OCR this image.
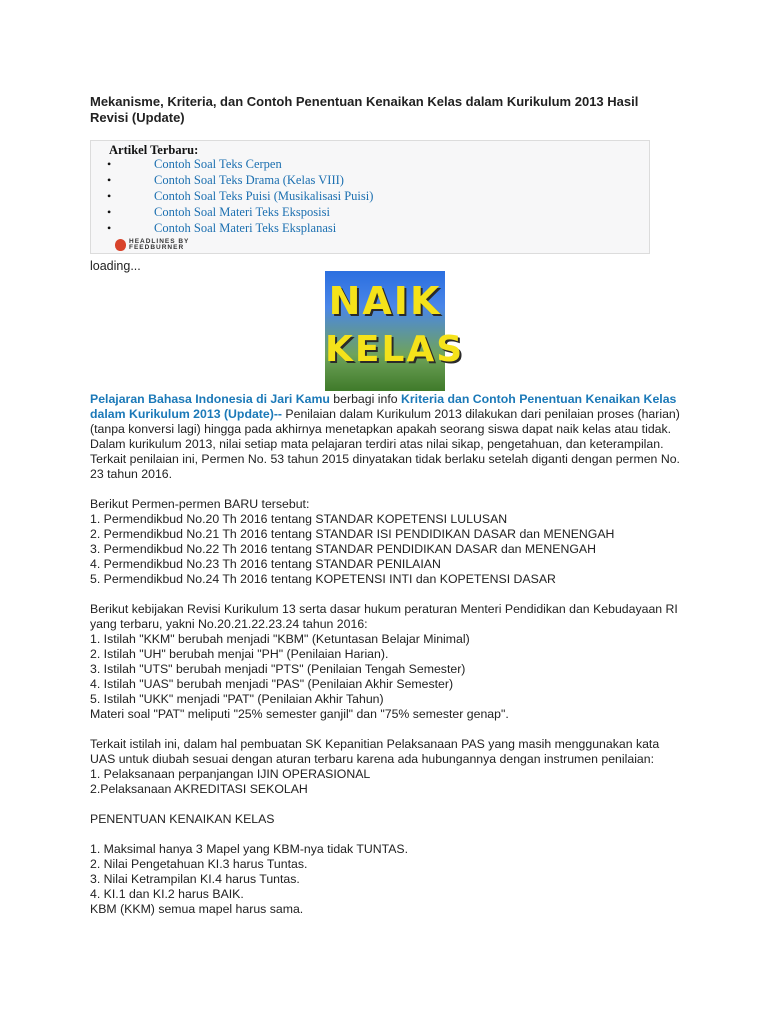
Mekanisme, Kriteria, dan Contoh Penentuan Kenaikan Kelas dalam Kurikulum 2013 Hasil Revisi (Update)
Artikel Terbaru:
•	Contoh Soal Teks Cerpen
•	Contoh Soal Teks Drama (Kelas VIII)
•	Contoh Soal Teks Puisi (Musikalisasi Puisi)
•	Contoh Soal Materi Teks Eksposisi
•	Contoh Soal Materi Teks Eksplanasi
HEADLINES BY
FEEDBURNER
loading...
NAIK
KELAS

Pelajaran Bahasa Indonesia di Jari Kamu berbagi info Kriteria dan Contoh Penentuan Kenaikan Kelas dalam Kurikulum 2013 (Update)-- Penilaian dalam Kurikulum 2013 dilakukan dari penilaian proses (harian) (tanpa konversi lagi) hingga pada akhirnya menetapkan apakah seorang siswa dapat naik kelas atau tidak. Dalam kurikulum 2013, nilai setiap mata pelajaran terdiri atas nilai sikap, pengetahuan, dan keterampilan.

Terkait penilaian ini, Permen No. 53 tahun 2015 dinyatakan tidak berlaku setelah diganti dengan permen No. 23 tahun 2016.

Berikut Permen-permen BARU tersebut:

1. Permendikbud No.20 Th 2016 tentang STANDAR KOPETENSI LULUSAN

2. Permendikbud No.21 Th 2016 tentang STANDAR ISI PENDIDIKAN DASAR dan MENENGAH

3. Permendikbud No.22 Th 2016 tentang STANDAR PENDIDIKAN DASAR dan MENENGAH

4. Permendikbud No.23 Th 2016 tentang STANDAR PENILAIAN

5. Permendikbud No.24 Th 2016 tentang KOPETENSI INTI dan KOPETENSI DASAR

Berikut kebijakan Revisi Kurikulum 13 serta dasar hukum peraturan Menteri Pendidikan dan Kebudayaan RI yang terbaru, yakni No.20.21.22.23.24 tahun 2016:

1. Istilah "KKM" berubah menjadi "KBM" (Ketuntasan Belajar Minimal)

2. Istilah "UH" berubah menjai "PH" (Penilaian Harian).

3. Istilah "UTS" berubah menjadi "PTS" (Penilaian Tengah Semester)

4. Istilah "UAS" berubah menjadi "PAS" (Penilaian Akhir Semester)

5. Istilah "UKK" menjadi "PAT" (Penilaian Akhir Tahun)

Materi soal "PAT" meliputi "25% semester ganjil" dan "75% semester genap".

Terkait istilah ini, dalam hal pembuatan SK Kepanitian Pelaksanaan PAS yang masih menggunakan kata UAS untuk diubah sesuai dengan aturan terbaru karena ada hubungannya dengan instrumen penilaian:

1. Pelaksanaan perpanjangan IJIN OPERASIONAL

2.Pelaksanaan AKREDITASI SEKOLAH

PENENTUAN KENAIKAN KELAS

1. Maksimal hanya 3 Mapel yang KBM-nya tidak TUNTAS.

2. Nilai Pengetahuan KI.3 harus Tuntas.

3. Nilai Ketrampilan KI.4 harus Tuntas.

4. KI.1 dan KI.2 harus BAIK.

KBM (KKM) semua mapel harus sama.
